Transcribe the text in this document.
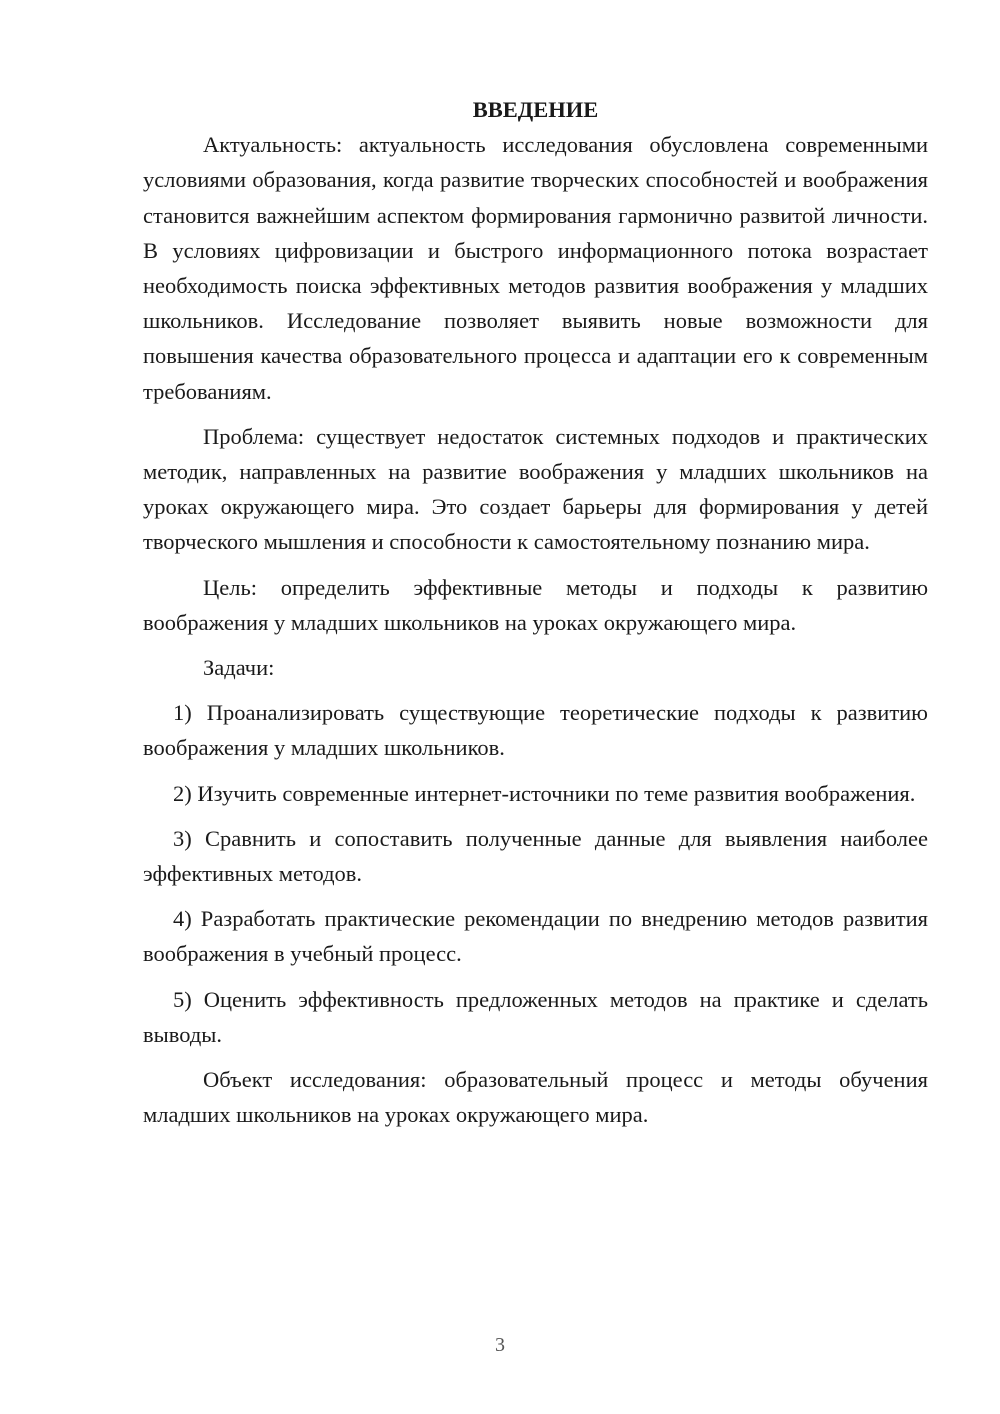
ВВЕДЕНИЕ

Актуальность: актуальность исследования обусловлена современными условиями образования, когда развитие творческих способностей и воображения становится важнейшим аспектом формирования гармонично развитой личности. В условиях цифровизации и быстрого информационного потока возрастает необходимость поиска эффективных методов развития воображения у младших школьников. Исследование позволяет выявить новые возможности для повышения качества образовательного процесса и адаптации его к современным требованиям.

Проблема: существует недостаток системных подходов и практических методик, направленных на развитие воображения у младших школьников на уроках окружающего мира. Это создает барьеры для формирования у детей творческого мышления и способности к самостоятельному познанию мира.

Цель: определить эффективные методы и подходы к развитию воображения у младших школьников на уроках окружающего мира.

Задачи:

1) Проанализировать существующие теоретические подходы к развитию воображения у младших школьников.

2) Изучить современные интернет-источники по теме развития воображения.

3) Сравнить и сопоставить полученные данные для выявления наиболее эффективных методов.

4) Разработать практические рекомендации по внедрению методов развития воображения в учебный процесс.

5) Оценить эффективность предложенных методов на практике и сделать выводы.

Объект исследования: образовательный процесс и методы обучения младших школьников на уроках окружающего мира.

3
